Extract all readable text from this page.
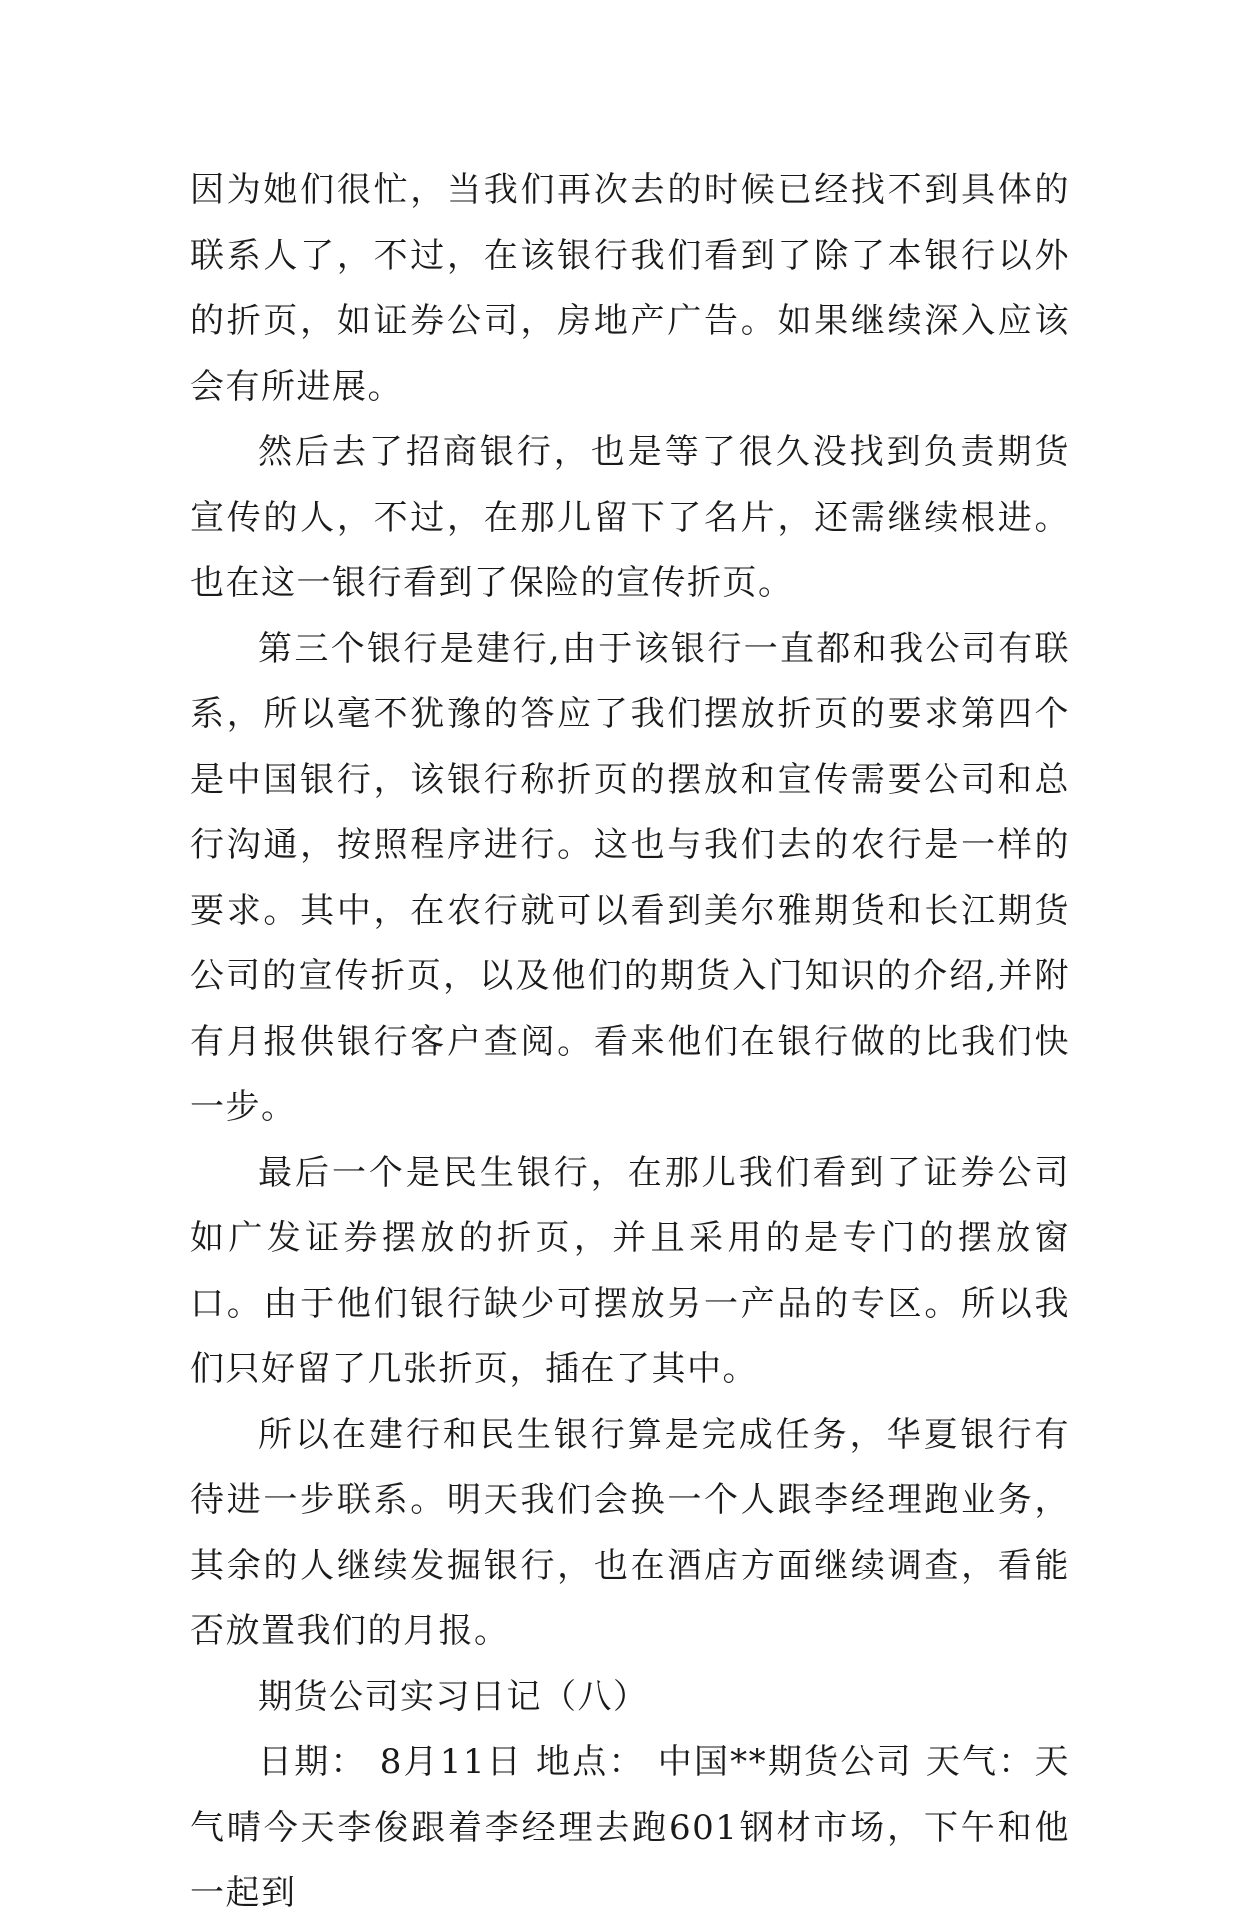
因为她们很忙，当我们再次去的时候已经找不到具体的联系人了，不过，在该银行我们看到了除了本银行以外的折页，如证券公司，房地产广告。如果继续深入应该会有所进展。

然后去了招商银行，也是等了很久没找到负责期货宣传的人，不过，在那儿留下了名片，还需继续根进。也在这一银行看到了保险的宣传折页。

第三个银行是建行,由于该银行一直都和我公司有联系，所以毫不犹豫的答应了我们摆放折页的要求第四个是中国银行，该银行称折页的摆放和宣传需要公司和总行沟通，按照程序进行。这也与我们去的农行是一样的要求。其中，在农行就可以看到美尔雅期货和长江期货公司的宣传折页，以及他们的期货入门知识的介绍,并附有月报供银行客户查阅。看来他们在银行做的比我们快一步。

最后一个是民生银行，在那儿我们看到了证券公司如广发证券摆放的折页，并且采用的是专门的摆放窗口。由于他们银行缺少可摆放另一产品的专区。所以我们只好留了几张折页，插在了其中。

所以在建行和民生银行算是完成任务，华夏银行有待进一步联系。明天我们会换一个人跟李经理跑业务，其余的人继续发掘银行，也在酒店方面继续调查，看能否放置我们的月报。

期货公司实习日记（八）

日期： 8月11日 地点： 中国**期货公司 天气：天气晴今天李俊跟着李经理去跑601钢材市场，下午和他一起到
